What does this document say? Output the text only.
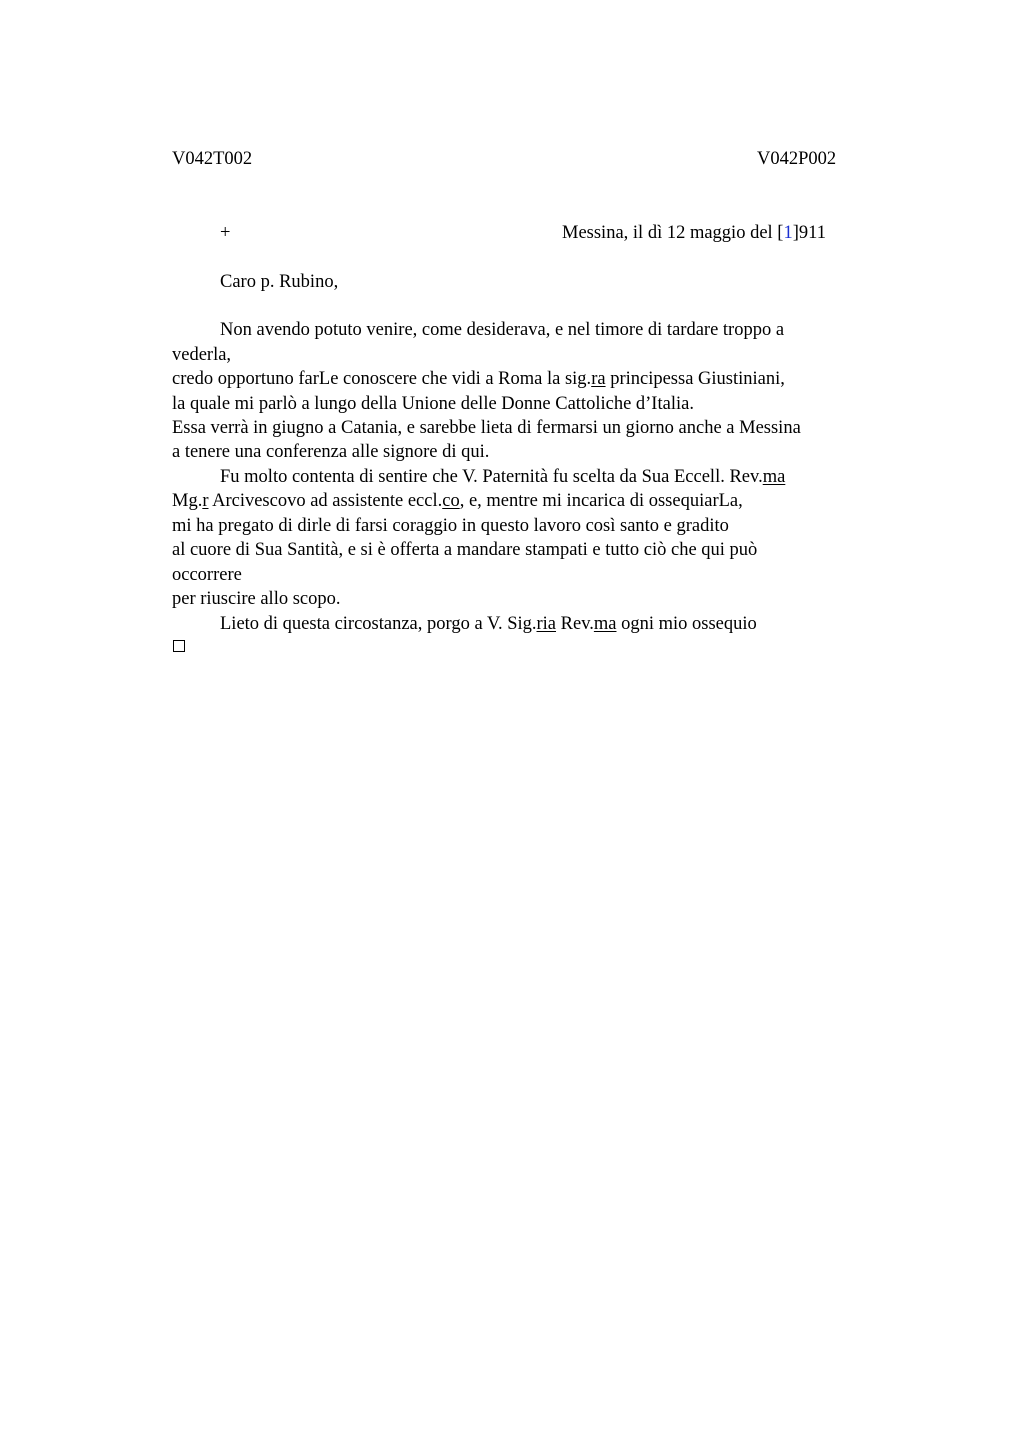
V042T002	V042P002
+	Messina, il dì 12 maggio del [1]911
Caro p. Rubino,
Non avendo potuto venire, come desiderava, e nel timore di tardare troppo a
vederla,
credo opportuno farLe conoscere che vidi a Roma la sig.ra principessa Giustiniani,
la quale mi parlò a lungo della Unione delle Donne Cattoliche d’Italia.
Essa verrà in giugno a Catania, e sarebbe lieta di fermarsi un giorno anche a Messina
a tenere una conferenza alle signore di qui.
Fu molto contenta di sentire che V. Paternità fu scelta da Sua Eccell. Rev.ma
Mg.r Arcivescovo ad assistente eccl.co, e, mentre mi incarica di ossequiarLa,
mi ha pregato di dirle di farsi coraggio in questo lavoro così santo e gradito
al cuore di Sua Santità, e si è offerta a mandare stampati e tutto ciò che qui può
occorrere
per riuscire allo scopo.
Lieto di questa circostanza, porgo a V. Sig.ria Rev.ma ogni mio ossequio
